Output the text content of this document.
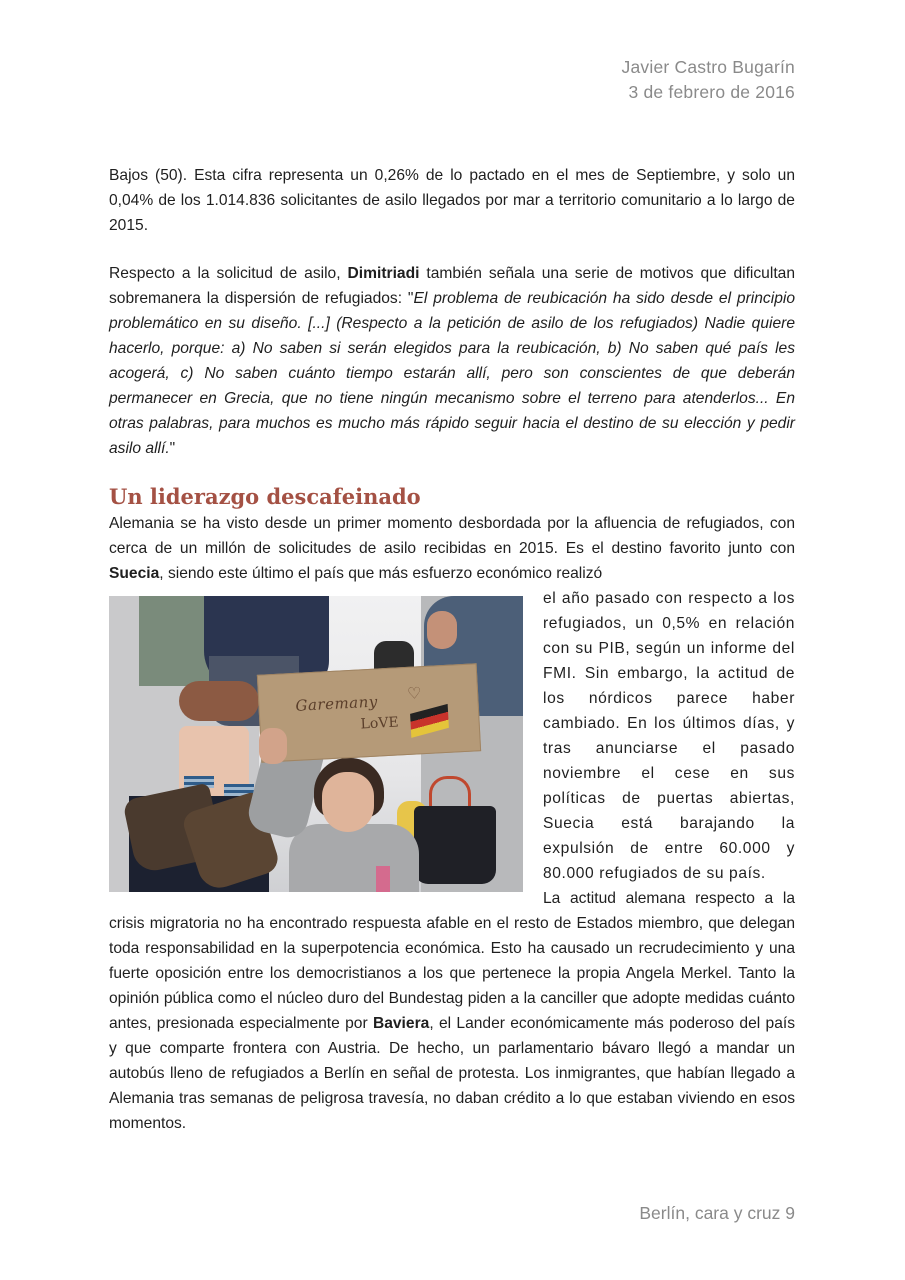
Javier Castro Bugarín
3 de febrero de 2016

Bajos (50). Esta cifra representa un 0,26% de lo pactado en el mes de Septiembre, y solo un 0,04% de los 1.014.836 solicitantes de asilo llegados por mar a territorio comunitario a lo largo de 2015.

Respecto a la solicitud de asilo, Dimitriadi también señala una serie de motivos que dificultan sobremanera la dispersión de refugiados: "El problema de reubicación ha sido desde el principio problemático en su diseño. [...] (Respecto a la petición de asilo de los refugiados) Nadie quiere hacerlo, porque: a) No saben si serán elegidos para la reubicación, b) No saben qué país les acogerá, c) No saben cuánto tiempo estarán allí, pero son conscientes de que deberán permanecer en Grecia, que no tiene ningún mecanismo sobre el terreno para atenderlos... En otras palabras, para muchos es mucho más rápido seguir hacia el destino de su elección y pedir asilo allí."

Un liderazgo descafeinado

Alemania se ha visto desde un primer momento desbordada por la afluencia de refugiados, con cerca de un millón de solicitudes de asilo recibidas en 2015. Es el destino favorito junto con Suecia, siendo este último el país que más esfuerzo económico realizó

Garemany ♡
LoVE

el año pasado con respecto a los refugiados, un 0,5% en relación con su PIB, según un informe del FMI. Sin embargo, la actitud de los nórdicos parece haber cambiado. En los últimos días, y tras anunciarse el pasado noviembre el cese en sus políticas de puertas abiertas, Suecia está barajando la expulsión de entre 60.000 y 80.000 refugiados de su país.

La actitud alemana respecto a la crisis migratoria no ha encontrado respuesta afable en el resto de Estados miembro, que delegan toda responsabilidad en la superpotencia económica. Esto ha causado un recrudecimiento y una fuerte oposición entre los democristianos a los que pertenece la propia Angela Merkel. Tanto la opinión pública como el núcleo duro del Bundestag piden a la canciller que adopte medidas cuánto antes, presionada especialmente por Baviera, el Lander económicamente más poderoso del país y que comparte frontera con Austria. De hecho, un parlamentario bávaro llegó a mandar un autobús lleno de refugiados a Berlín en señal de protesta. Los inmigrantes, que habían llegado a Alemania tras semanas de peligrosa travesía, no daban crédito a lo que estaban viviendo en esos momentos.

Berlín, cara y cruz 9
